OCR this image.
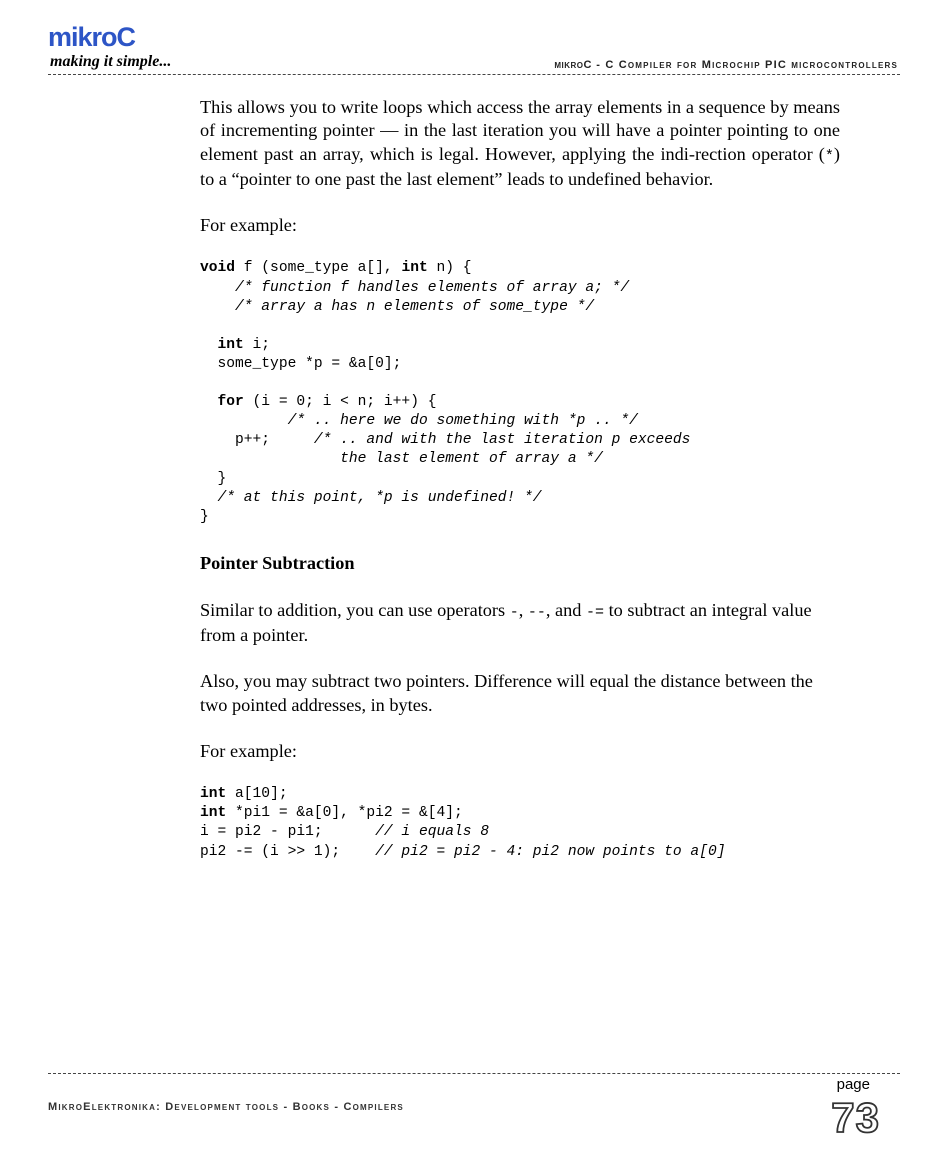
mikroC
making it simple...	mikroC - C Compiler for Microchip PIC microcontrollers

This allows you to write loops which access the array elements in a sequence by means of incrementing pointer — in the last iteration you will have a pointer pointing to one element past an array, which is legal. However, applying the indi-rection operator (*) to a “pointer to one past the last element” leads to undefined behavior.

For example:

void f (some_type a[], int n) {
/* function f handles elements of array a; */
/* array a has n elements of some_type */

int i;
some_type *p = &a[0];

for (i = 0; i < n; i++) {
/* .. here we do something with *p .. */
p++;     /* .. and with the last iteration p exceeds
the last element of array a */
}
/* at this point, *p is undefined! */
}
Pointer Subtraction

Similar to addition, you can use operators -, --, and -= to subtract an integral value from a pointer.

Also, you may subtract two pointers. Difference will equal the distance between the two pointed addresses, in bytes.

For example:

int a[10];
int *pi1 = &a[0], *pi2 = &[4];
i = pi2 - pi1;      // i equals 8
pi2 -= (i >> 1);    // pi2 = pi2 - 4: pi2 now points to a[0]
MikroElektronika: Development tools - Books - Compilers
page
73
